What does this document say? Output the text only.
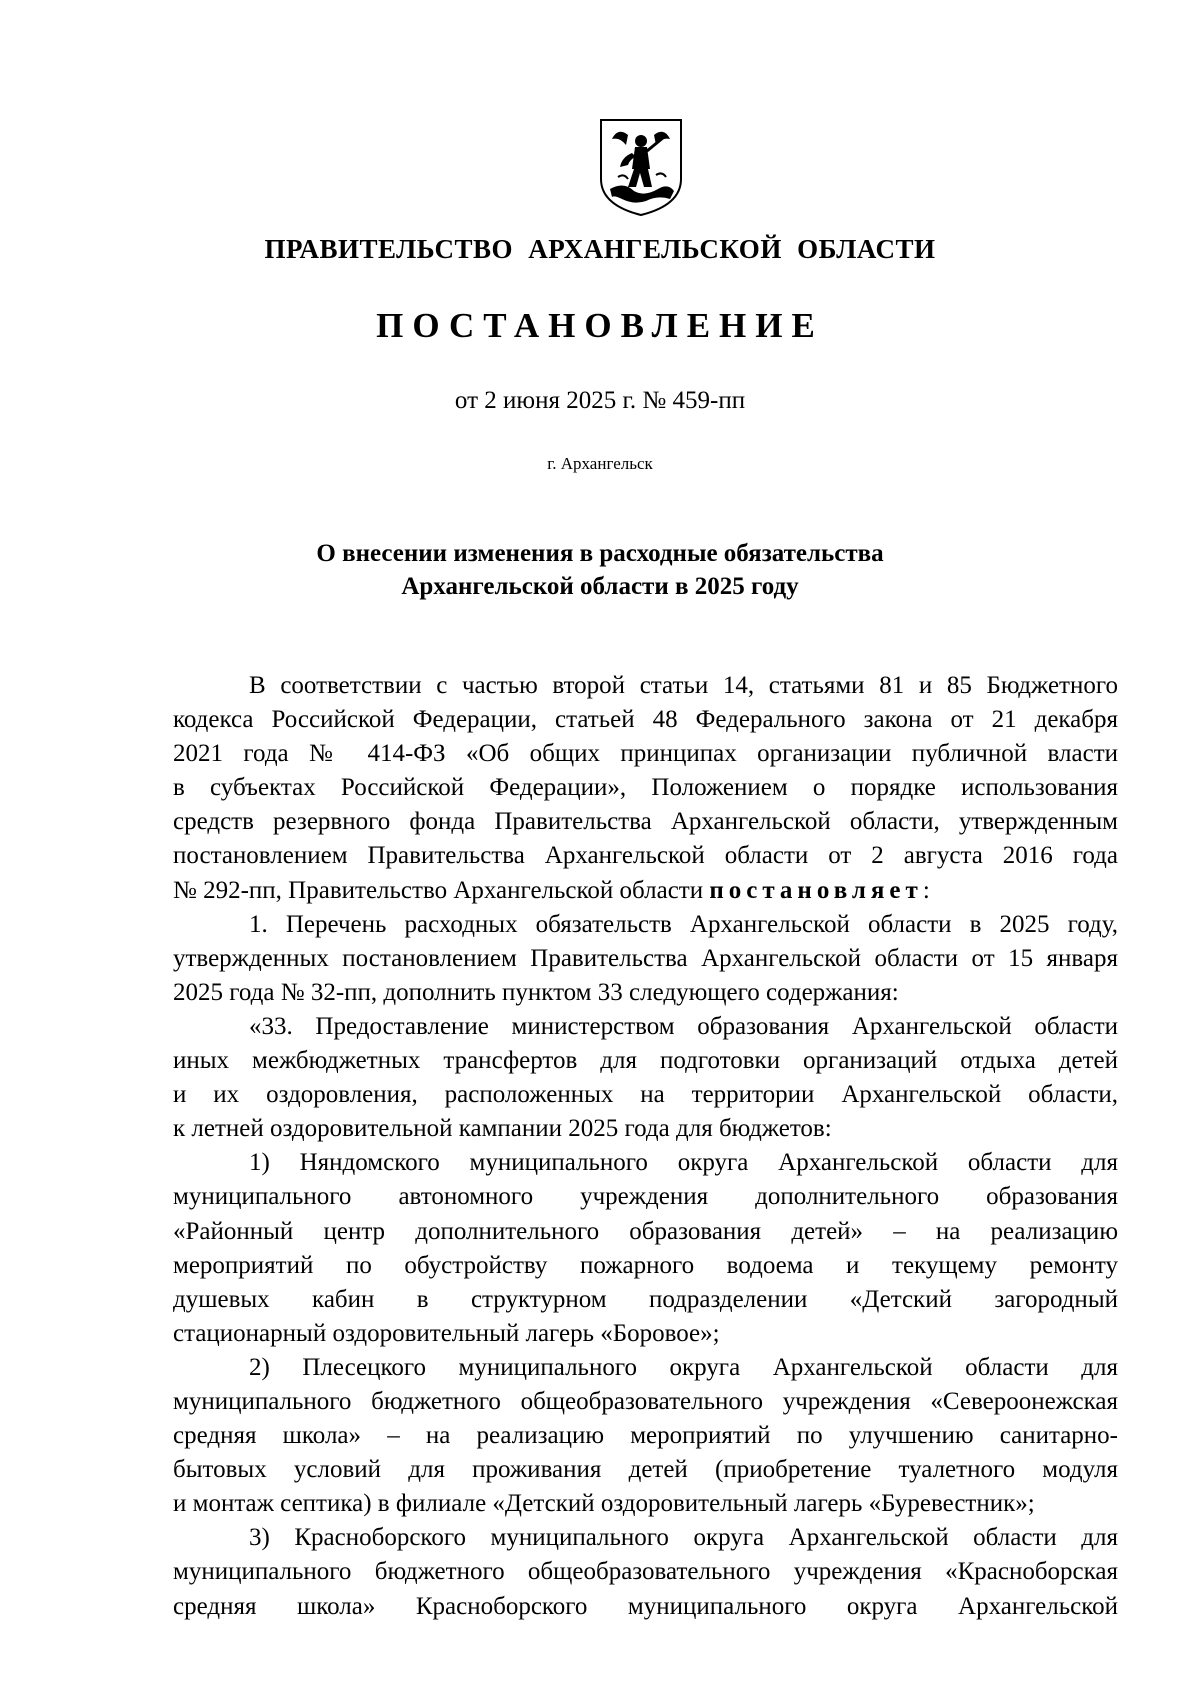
ПРАВИТЕЛЬСТВО АРХАНГЕЛЬСКОЙ ОБЛАСТИ
ПОСТАНОВЛЕНИЕ
от 2 июня 2025 г. № 459-пп
г. Архангельск
О внесении изменения в расходные обязательства
Архангельской области в 2025 году
В соответствии с частью второй статьи 14, статьями 81 и 85 Бюджетного
кодекса Российской Федерации, статьей 48 Федерального закона от 21 декабря
2021 года № 414-ФЗ «Об общих принципах организации публичной власти
в субъектах Российской Федерации», Положением о порядке использования
средств резервного фонда Правительства Архангельской области, утвержденным
постановлением Правительства Архангельской области от 2 августа 2016 года
№ 292-пп, Правительство Архангельской области постановляет:
1. Перечень расходных обязательств Архангельской области в 2025 году,
утвержденных постановлением Правительства Архангельской области от 15 января
2025 года № 32-пп, дополнить пунктом 33 следующего содержания:
«33. Предоставление министерством образования Архангельской области
иных межбюджетных трансфертов для подготовки организаций отдыха детей
и их оздоровления, расположенных на территории Архангельской области,
к летней оздоровительной кампании 2025 года для бюджетов:
1) Няндомского муниципального округа Архангельской области для
муниципального автономного учреждения дополнительного образования
«Районный центр дополнительного образования детей» – на реализацию
мероприятий по обустройству пожарного водоема и текущему ремонту
душевых кабин в структурном подразделении «Детский загородный
стационарный оздоровительный лагерь «Боровое»;
2) Плесецкого муниципального округа Архангельской области для
муниципального бюджетного общеобразовательного учреждения «Североонежская
средняя школа» – на реализацию мероприятий по улучшению санитарно-
бытовых условий для проживания детей (приобретение туалетного модуля
и монтаж септика) в филиале «Детский оздоровительный лагерь «Буревестник»;
3) Красноборского муниципального округа Архангельской области для
муниципального бюджетного общеобразовательного учреждения «Красноборская
средняя школа» Красноборского муниципального округа Архангельской
